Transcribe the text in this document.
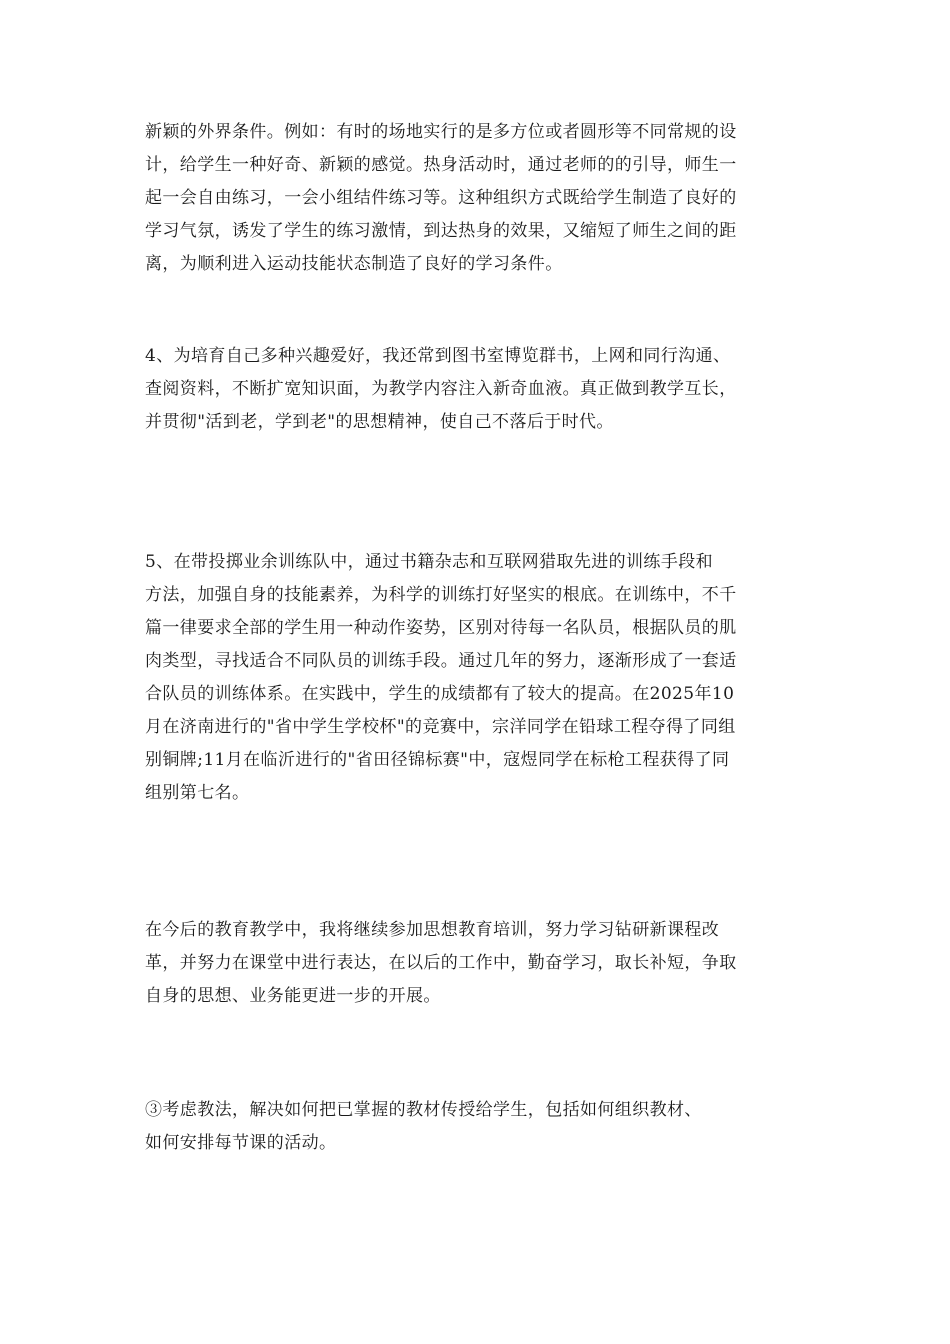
新颖的外界条件。例如：有时的场地实行的是多方位或者圆形等不同常规的设
计，给学生一种好奇、新颖的感觉。热身活动时，通过老师的的引导，师生一
起一会自由练习，一会小组结件练习等。这种组织方式既给学生制造了良好的
学习气氛，诱发了学生的练习激情，到达热身的效果，又缩短了师生之间的距
离，为顺利进入运动技能状态制造了良好的学习条件。

4、为培育自己多种兴趣爱好，我还常到图书室博览群书，上网和同行沟通、
查阅资料，不断扩宽知识面，为教学内容注入新奇血液。真正做到教学互长，
并贯彻"活到老，学到老"的思想精神，使自己不落后于时代。

5、在带投掷业余训练队中，通过书籍杂志和互联网猎取先进的训练手段和
方法，加强自身的技能素养，为科学的训练打好坚实的根底。在训练中，不千
篇一律要求全部的学生用一种动作姿势，区别对待每一名队员，根据队员的肌
肉类型，寻找适合不同队员的训练手段。通过几年的努力，逐渐形成了一套适
合队员的训练体系。在实践中，学生的成绩都有了较大的提高。在2025年10
月在济南进行的"省中学生学校杯"的竞赛中，宗洋同学在铅球工程夺得了同组
别铜牌;11月在临沂进行的"省田径锦标赛"中，寇煜同学在标枪工程获得了同
组别第七名。

在今后的教育教学中，我将继续参加思想教育培训，努力学习钻研新课程改
革，并努力在课堂中进行表达，在以后的工作中，勤奋学习，取长补短，争取
自身的思想、业务能更进一步的开展。

③考虑教法，解决如何把已掌握的教材传授给学生，包括如何组织教材、
如何安排每节课的活动。
